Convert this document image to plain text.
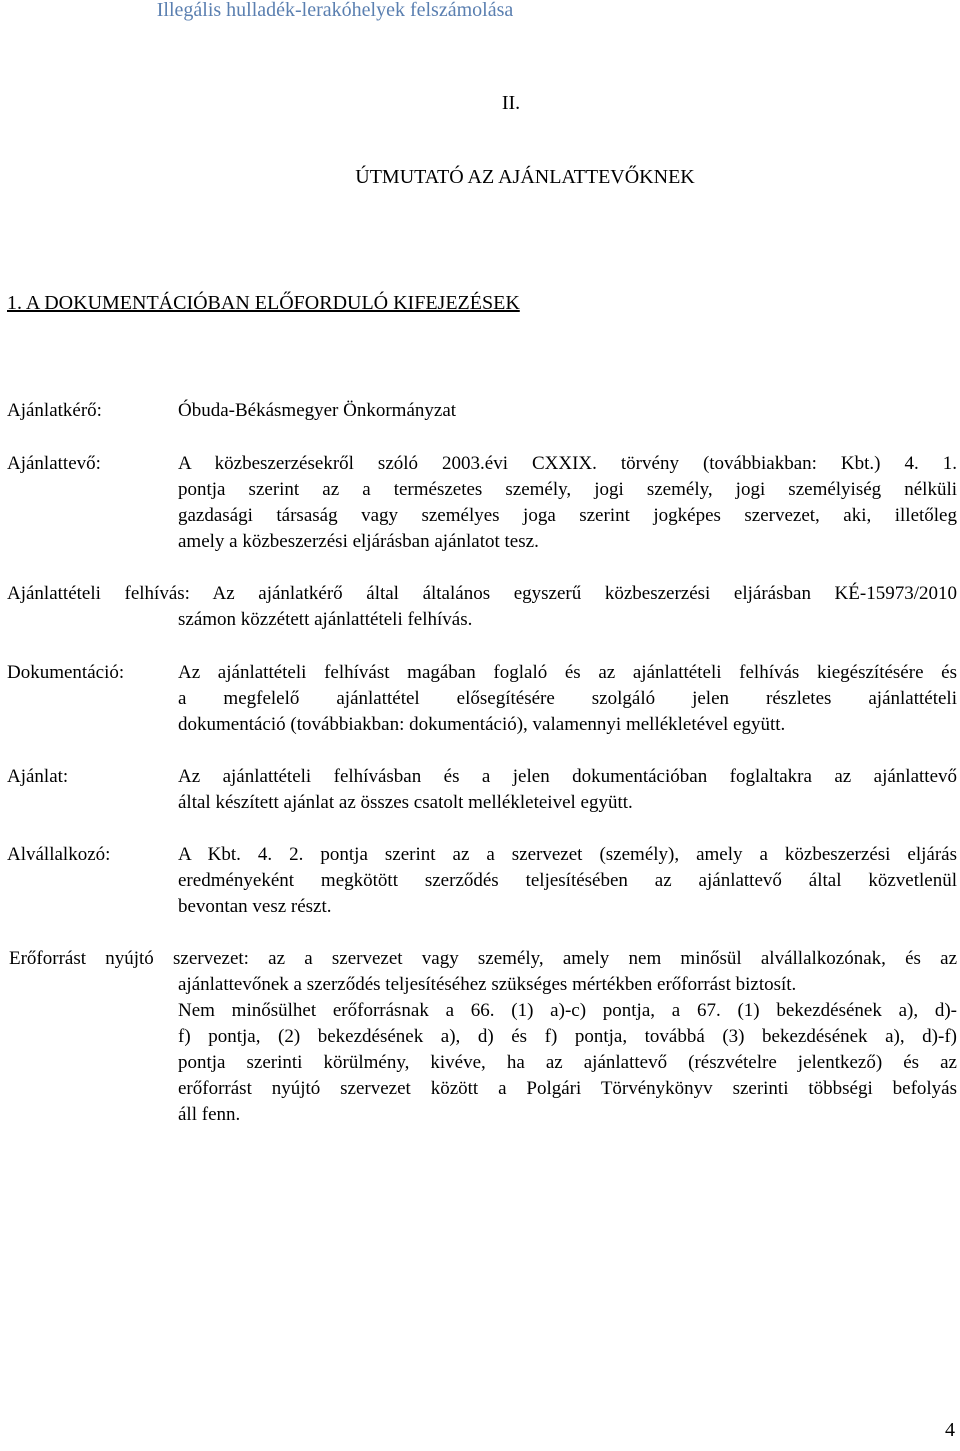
Illegális hulladék-lerakóhelyek felszámolása
II.
ÚTMUTATÓ AZ AJÁNLATTEVŐKNEK
1. A DOKUMENTÁCIÓBAN ELŐFORDULÓ KIFEJEZÉSEK
Ajánlatkérő:	Óbuda-Békásmegyer Önkormányzat
Ajánlattevő:	A közbeszerzésekről szóló 2003.évi CXXIX. törvény (továbbiakban: Kbt.) 4. 1.
pontja szerint az a természetes személy, jogi személy, jogi személyiség nélküli
gazdasági társaság vagy személyes joga szerint jogképes szervezet, aki, illetőleg
amely a közbeszerzési eljárásban ajánlatot tesz.
Ajánlattételi felhívás: Az ajánlatkérő által általános egyszerű közbeszerzési eljárásban KÉ-15973/2010
számon közzétett ajánlattételi felhívás.
Dokumentáció:	Az ajánlattételi felhívást magában foglaló és az ajánlattételi felhívás kiegészítésére és
a megfelelő ajánlattétel elősegítésére szolgáló jelen részletes ajánlattételi
dokumentáció (továbbiakban: dokumentáció), valamennyi mellékletével együtt.
Ajánlat:	Az ajánlattételi felhívásban és a jelen dokumentációban foglaltakra az ajánlattevő
által készített ajánlat az összes csatolt mellékleteivel együtt.
Alvállalkozó:	A Kbt. 4. 2. pontja szerint az a szervezet (személy), amely a közbeszerzési eljárás
eredményeként megkötött szerződés teljesítésében az ajánlattevő által közvetlenül
bevontan vesz részt.
Erőforrást nyújtó szervezet: az a szervezet vagy személy, amely nem minősül alvállalkozónak, és az
ajánlattevőnek a szerződés teljesítéséhez szükséges mértékben erőforrást biztosít.
Nem minősülhet erőforrásnak a 66. (1) a)-c) pontja, a 67. (1) bekezdésének a), d)-
f) pontja, (2) bekezdésének a), d) és f) pontja, továbbá (3) bekezdésének a), d)-f)
pontja szerinti körülmény, kivéve, ha az ajánlattevő (részvételre jelentkező) és az
erőforrást nyújtó szervezet között a Polgári Törvénykönyv szerinti többségi befolyás
áll fenn.
4
